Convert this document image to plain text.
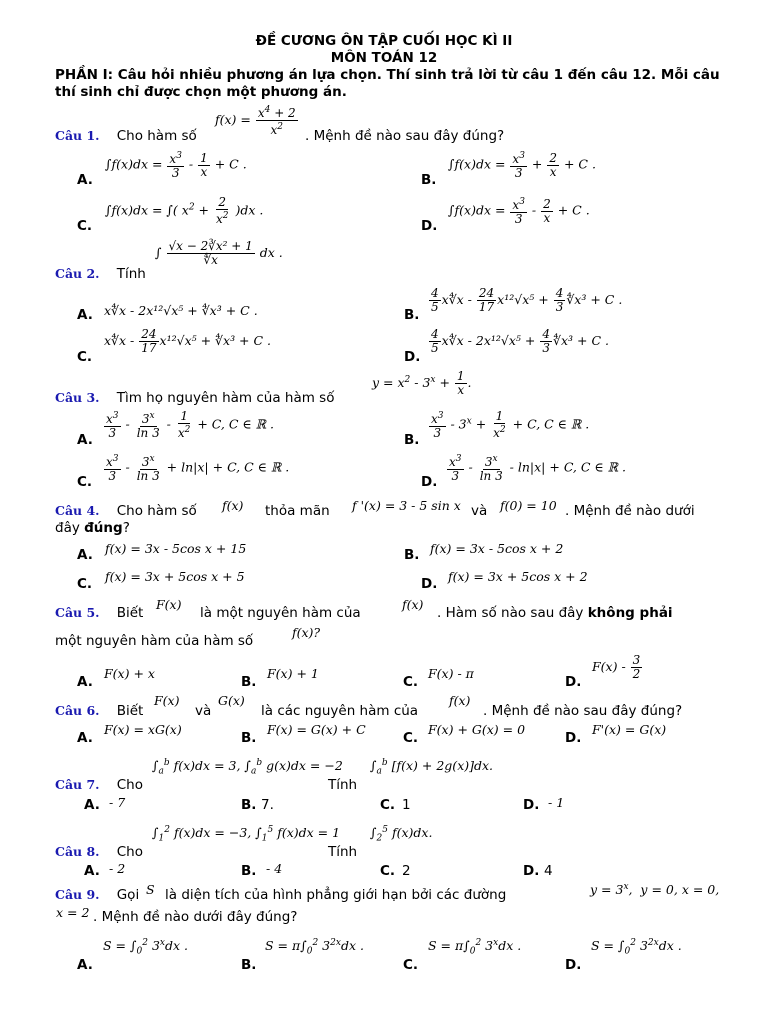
ĐỀ CƯƠNG ÔN TẬP CUỐI HỌC KÌ II
MÔN TOÁN 12
PHẦN I: Câu hỏi nhiều phương án lựa chọn. Thí sinh trả lời từ câu 1 đến câu 12. Mỗi câu thí sinh chỉ được chọn một phương án.
Câu 1. Cho hàm số
$f(x) = \frac{x^4 + 2}{x^2}$ . Mệnh đề nào sau đây đúng?
A.
$\int f(x)dx = \frac{x^3}{3} - \frac{1}{x} + C$ .
B.
$\int f(x)dx = \frac{x^3}{3} + \frac{2}{x} + C$ .
C.
∫f(x)dx = ∫( $x^2 + \frac{2}{x^2} )dx$ .
D.
$\int f(x)dx = \frac{x^3}{3} - \frac{2}{x} + C$ .
Câu 2. Tính
∫ $\frac{\text{√x − 2∛x² + 1}}{∜x}$ dx .
A. x∜x - 2x¹²√x⁵ + ∜x³ + C .	B.
$\frac{4}{5}$ x∜x - $\frac{24}{17} x^{12}√x^5 + \frac{4}{3}$ ∜x³ + C .
C.
x∜x - $\frac{24}{17} x^{12}√x^5$ + ∜x³ + C .
D.
$\frac{4}{5}$ x∜x - $2x^{12}√x^5 + \frac{4}{3}$ ∜x³ + C .
Câu 3. Tìm họ nguyên hàm của hàm số
$y = x^2 - 3^x + \frac{1}{x}$ .
A. $\frac{x^3}{3} - \frac{3^x}{\ln 3} - \frac{1}{x^2} + C$, C ∈ ℝ .
B. $\frac{x^3}{3} - 3^x + \frac{1}{x^2} + C$, C ∈ ℝ .
C. $\frac{x^3}{3} - \frac{3^x}{\ln 3} + \ln|x| + C$, C ∈ ℝ .
D. $\frac{x^3}{3} - \frac{3^x}{\ln 3} - \ln|x| + C$, C ∈ ℝ .
Câu 4. Cho hàm số f(x) thỏa mãn f '(x) = 3 - 5 sin x và f(0) = 10 . Mệnh đề nào dưới
đây đúng?
A. f(x) = 3x - 5cos x + 15	B. f(x) = 3x - 5cos x + 2
C. f(x) = 3x + 5cos x + 5	D. f(x) = 3x + 5cos x + 2
Câu 5. Biết
F(x)
là một nguyên hàm của
f(x)
. Hàm số nào sau đây không phải
một nguyên hàm của hàm số
f(x)?
A.
F(x) + x
B.
F(x) + 1
C.
F(x) - π
D.
$F(x) - \frac{3}{2}$
Câu 6. Biết
F(x)
và
G(x)
là các nguyên hàm của
f(x)
. Mệnh đề nào sau đây đúng?
A.
F(x) = xG(x)
B.
F(x) = G(x) + C
C.
F(x) + G(x) = 0
D.
F'(x) = G(x)
Câu 7. Cho
$\int_a^b$ f(x)dx = 3, $\int_a^b$ g(x)dx = −2
Tính
$\int_a^b$ [f(x) + 2g(x)]dx.
A. - 7	B. 7.	C. 1	D. - 1
Câu 8. Cho
$\int_1^2$ f(x)dx = −3, $\int_1^5$ f(x)dx = 1
Tính
$\int_2^5$ f(x)dx.
A. - 2	B. - 4	C. 2	D. 4
Câu 9. Gọi S là diện tích của hình phẳng giới hạn bởi các đường	$y = 3^x$,  y = 0, x = 0,
x = 2 . Mệnh đề nào dưới đây đúng?
A.
$S = \int_0^2$ 3$^x$dx .
B.
$S = \pi\int_0^2$ $3^{2x}dx$ .
C.
$S = \pi\int_0^2$ 3$^x$dx .
D.
$S = \int_0^2$ $3^{2x}dx$ .
